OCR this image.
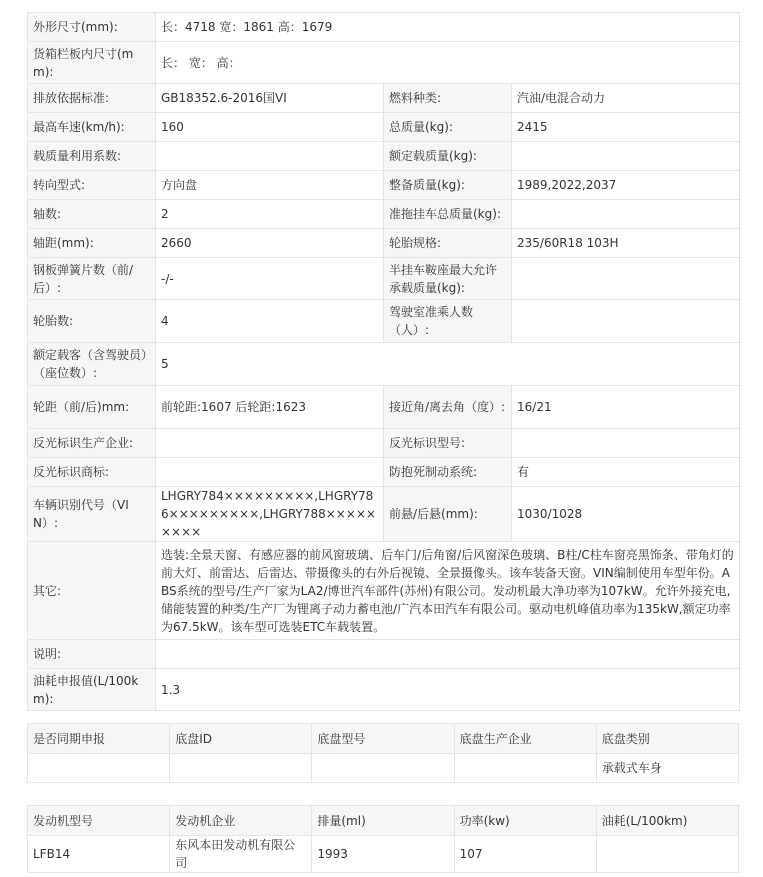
外形尺寸(mm):	长：4718 宽：1861 高：1679		
货箱栏板内尺寸(mm):	长： 宽： 高：		
排放依据标准:	GB18352.6-2016国VI	燃料种类:	汽油/电混合动力
最高车速(km/h):	160	总质量(kg):	2415
载质量利用系数:		额定载质量(kg):	
转向型式:	方向盘	整备质量(kg):	1989,2022,2037
轴数:	2	准拖挂车总质量(kg):	
轴距(mm):	2660	轮胎规格:	235/60R18 103H
钢板弹簧片数（前/后）:	-/-	半挂车鞍座最大允许承载质量(kg):	
轮胎数:	4	驾驶室准乘人数（人）:	
额定载客（含驾驶员）（座位数）:	5		
轮距（前/后)mm:	前轮距:1607 后轮距:1623	接近角/离去角（度）:	16/21
反光标识生产企业:		反光标识型号:	
反光标识商标:		防抱死制动系统:	有
车辆识别代号（VIN）:	LHGRY784×××××××××,LHGRY786×××××××××,LHGRY788×××××××××	前悬/后悬(mm):	1030/1028
其它:	选装:全景天窗、有感应器的前风窗玻璃、后车门/后角窗/后风窗深色玻璃、B柱/C柱车窗亮黑饰条、带角灯的前大灯、前雷达、后雷达、带摄像头的右外后视镜、全景摄像头。该车装备天窗。VIN编制使用车型年份。ABS系统的型号/生产厂家为LA2/博世汽车部件(苏州)有限公司。发动机最大净功率为107kW。允许外接充电,储能装置的种类/生产厂为锂离子动力蓄电池/广汽本田汽车有限公司。驱动电机峰值功率为135kW,额定功率为67.5kW。该车型可选装ETC车载装置。		
说明:			
油耗申报值(L/100km):	1.3		
是否同期申报	底盘ID	底盘型号	底盘生产企业	底盘类别
				承载式车身
发动机型号	发动机企业	排量(ml)	功率(kw)	油耗(L/100km)
LFB14	东风本田发动机有限公司	1993	107	
